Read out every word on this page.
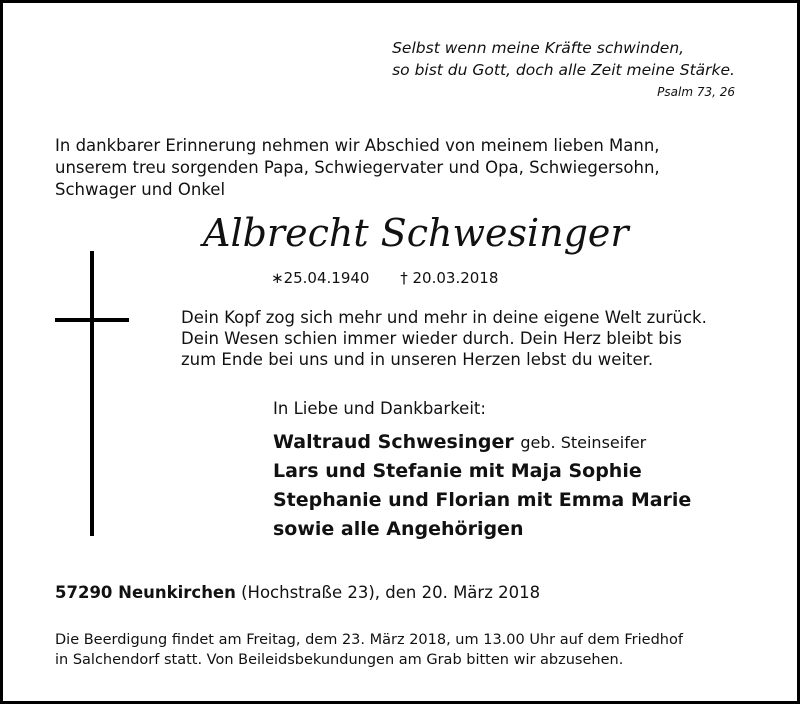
Selbst wenn meine Kräfte schwinden,
so bist du Gott, doch alle Zeit meine Stärke.
Psalm 73, 26
In dankbarer Erinnerung nehmen wir Abschied von meinem lieben Mann,
unserem treu sorgenden Papa, Schwiegervater und Opa, Schwiegersohn,
Schwager und Onkel
Albrecht Schwesinger
∗25.04.1940 † 20.03.2018
Dein Kopf zog sich mehr und mehr in deine eigene Welt zurück.
Dein Wesen schien immer wieder durch. Dein Herz bleibt bis
zum Ende bei uns und in unseren Herzen lebst du weiter.
In Liebe und Dankbarkeit:
Waltraud Schwesinger geb. Steinseifer
Lars und Stefanie mit Maja Sophie
Stephanie und Florian mit Emma Marie
sowie alle Angehörigen
57290 Neunkirchen (Hochstraße 23), den 20. März 2018
Die Beerdigung findet am Freitag, dem 23. März 2018, um 13.00 Uhr auf dem Friedhof
in Salchendorf statt. Von Beileidsbekundungen am Grab bitten wir abzusehen.
